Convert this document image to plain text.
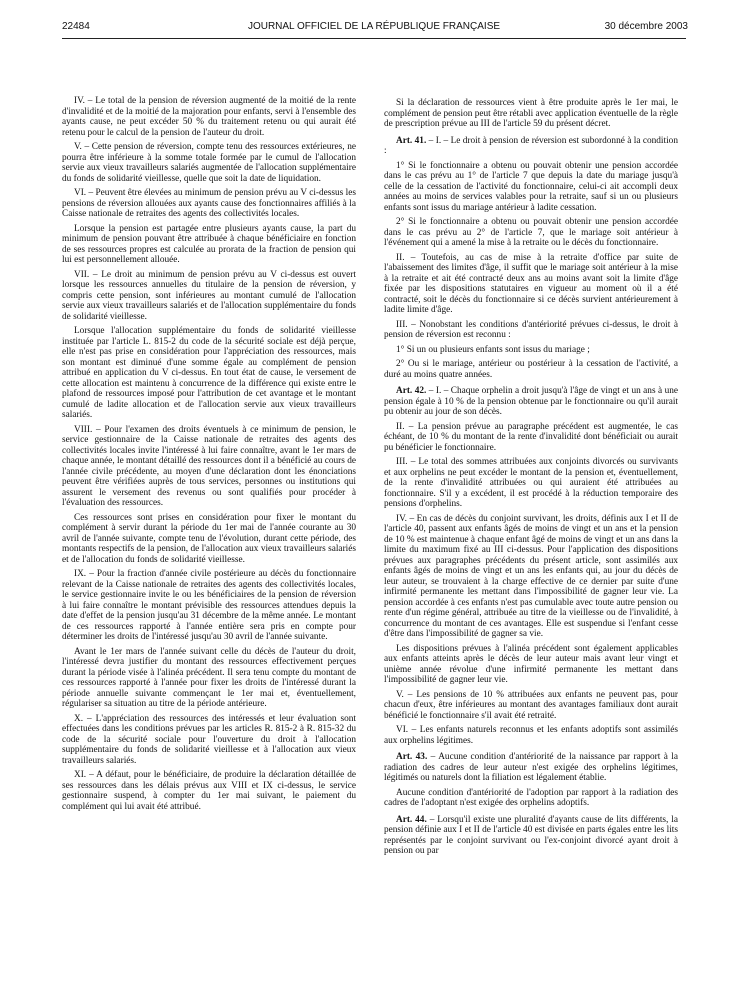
22484	JOURNAL OFFICIEL DE LA RÉPUBLIQUE FRANÇAISE	30 décembre 2003

IV. – Le total de la pension de réversion augmenté de la moitié de la rente d'invalidité et de la moitié de la majoration pour enfants, servi à l'ensemble des ayants cause, ne peut excéder 50 % du traitement retenu ou qui aurait été retenu pour le calcul de la pension de l'auteur du droit.

V. – Cette pension de réversion, compte tenu des ressources extérieures, ne pourra être inférieure à la somme totale formée par le cumul de l'allocation servie aux vieux travailleurs salariés augmentée de l'allocation supplémentaire du fonds de solidarité vieillesse, quelle que soit la date de liquidation.

VI. – Peuvent être élevées au minimum de pension prévu au V ci-dessus les pensions de réversion allouées aux ayants cause des fonctionnaires affiliés à la Caisse nationale de retraites des agents des collectivités locales.

Lorsque la pension est partagée entre plusieurs ayants cause, la part du minimum de pension pouvant être attribuée à chaque bénéficiaire en fonction de ses ressources propres est calculée au prorata de la fraction de pension qui lui est personnellement allouée.

VII. – Le droit au minimum de pension prévu au V ci-dessus est ouvert lorsque les ressources annuelles du titulaire de la pension de réversion, y compris cette pension, sont inférieures au montant cumulé de l'allocation servie aux vieux travailleurs salariés et de l'allocation supplémentaire du fonds de solidarité vieillesse.

Lorsque l'allocation supplémentaire du fonds de solidarité vieillesse instituée par l'article L. 815-2 du code de la sécurité sociale est déjà perçue, elle n'est pas prise en considération pour l'appréciation des ressources, mais son montant est diminué d'une somme égale au complément de pension attribué en application du V ci-dessus. En tout état de cause, le versement de cette allocation est maintenu à concurrence de la différence qui existe entre le plafond de ressources imposé pour l'attribution de cet avantage et le montant cumulé de ladite allocation et de l'allocation servie aux vieux travailleurs salariés.

VIII. – Pour l'examen des droits éventuels à ce minimum de pension, le service gestionnaire de la Caisse nationale de retraites des agents des collectivités locales invite l'intéressé à lui faire connaître, avant le 1er mars de chaque année, le montant détaillé des ressources dont il a bénéficié au cours de l'année civile précédente, au moyen d'une déclaration dont les énonciations peuvent être vérifiées auprès de tous services, personnes ou institutions qui assurent le versement des revenus ou sont qualifiés pour procéder à l'évaluation des ressources.

Ces ressources sont prises en considération pour fixer le montant du complément à servir durant la période du 1er mai de l'année courante au 30 avril de l'année suivante, compte tenu de l'évolution, durant cette période, des montants respectifs de la pension, de l'allocation aux vieux travailleurs salariés et de l'allocation du fonds de solidarité vieillesse.

IX. – Pour la fraction d'année civile postérieure au décès du fonctionnaire relevant de la Caisse nationale de retraites des agents des collectivités locales, le service gestionnaire invite le ou les bénéficiaires de la pension de réversion à lui faire connaître le montant prévisible des ressources attendues depuis la date d'effet de la pension jusqu'au 31 décembre de la même année. Le montant de ces ressources rapporté à l'année entière sera pris en compte pour déterminer les droits de l'intéressé jusqu'au 30 avril de l'année suivante.

Avant le 1er mars de l'année suivant celle du décès de l'auteur du droit, l'intéressé devra justifier du montant des ressources effectivement perçues durant la période visée à l'alinéa précédent. Il sera tenu compte du montant de ces ressources rapporté à l'année pour fixer les droits de l'intéressé durant la période annuelle suivante commençant le 1er mai et, éventuellement, régulariser sa situation au titre de la période antérieure.

X. – L'appréciation des ressources des intéressés et leur évaluation sont effectuées dans les conditions prévues par les articles R. 815-2 à R. 815-32 du code de la sécurité sociale pour l'ouverture du droit à l'allocation supplémentaire du fonds de solidarité vieillesse et à l'allocation aux vieux travailleurs salariés.

XI. – A défaut, pour le bénéficiaire, de produire la déclaration détaillée de ses ressources dans les délais prévus aux VIII et IX ci-dessus, le service gestionnaire suspend, à compter du 1er mai suivant, le paiement du complément qui lui avait été attribué.

Si la déclaration de ressources vient à être produite après le 1er mai, le complément de pension peut être rétabli avec application éventuelle de la règle de prescription prévue au III de l'article 59 du présent décret.

Art. 41. – I. – Le droit à pension de réversion est subordonné à la condition :

1° Si le fonctionnaire a obtenu ou pouvait obtenir une pension accordée dans le cas prévu au 1° de l'article 7 que depuis la date du mariage jusqu'à celle de la cessation de l'activité du fonctionnaire, celui-ci ait accompli deux années au moins de services valables pour la retraite, sauf si un ou plusieurs enfants sont issus du mariage antérieur à ladite cessation.

2° Si le fonctionnaire a obtenu ou pouvait obtenir une pension accordée dans le cas prévu au 2° de l'article 7, que le mariage soit antérieur à l'événement qui a amené la mise à la retraite ou le décès du fonctionnaire.

II. – Toutefois, au cas de mise à la retraite d'office par suite de l'abaissement des limites d'âge, il suffit que le mariage soit antérieur à la mise à la retraite et ait été contracté deux ans au moins avant soit la limite d'âge fixée par les dispositions statutaires en vigueur au moment où il a été contracté, soit le décès du fonctionnaire si ce décès survient antérieurement à ladite limite d'âge.

III. – Nonobstant les conditions d'antériorité prévues ci-dessus, le droit à pension de réversion est reconnu :

1° Si un ou plusieurs enfants sont issus du mariage ;

2° Ou si le mariage, antérieur ou postérieur à la cessation de l'activité, a duré au moins quatre années.

Art. 42. – I. – Chaque orphelin a droit jusqu'à l'âge de vingt et un ans à une pension égale à 10 % de la pension obtenue par le fonctionnaire ou qu'il aurait pu obtenir au jour de son décès.

II. – La pension prévue au paragraphe précédent est augmentée, le cas échéant, de 10 % du montant de la rente d'invalidité dont bénéficiait ou aurait pu bénéficier le fonctionnaire.

III. – Le total des sommes attribuées aux conjoints divorcés ou survivants et aux orphelins ne peut excéder le montant de la pension et, éventuellement, de la rente d'invalidité attribuées ou qui auraient été attribuées au fonctionnaire. S'il y a excédent, il est procédé à la réduction temporaire des pensions d'orphelins.

IV. – En cas de décès du conjoint survivant, les droits, définis aux I et II de l'article 40, passent aux enfants âgés de moins de vingt et un ans et la pension de 10 % est maintenue à chaque enfant âgé de moins de vingt et un ans dans la limite du maximum fixé au III ci-dessus. Pour l'application des dispositions prévues aux paragraphes précédents du présent article, sont assimilés aux enfants âgés de moins de vingt et un ans les enfants qui, au jour du décès de leur auteur, se trouvaient à la charge effective de ce dernier par suite d'une infirmité permanente les mettant dans l'impossibilité de gagner leur vie. La pension accordée à ces enfants n'est pas cumulable avec toute autre pension ou rente d'un régime général, attribuée au titre de la vieillesse ou de l'invalidité, à concurrence du montant de ces avantages. Elle est suspendue si l'enfant cesse d'être dans l'impossibilité de gagner sa vie.

Les dispositions prévues à l'alinéa précédent sont également applicables aux enfants atteints après le décès de leur auteur mais avant leur vingt et unième année révolue d'une infirmité permanente les mettant dans l'impossibilité de gagner leur vie.

V. – Les pensions de 10 % attribuées aux enfants ne peuvent pas, pour chacun d'eux, être inférieures au montant des avantages familiaux dont aurait bénéficié le fonctionnaire s'il avait été retraité.

VI. – Les enfants naturels reconnus et les enfants adoptifs sont assimilés aux orphelins légitimes.

Art. 43. – Aucune condition d'antériorité de la naissance par rapport à la radiation des cadres de leur auteur n'est exigée des orphelins légitimes, légitimés ou naturels dont la filiation est légalement établie.

Aucune condition d'antériorité de l'adoption par rapport à la radiation des cadres de l'adoptant n'est exigée des orphelins adoptifs.

Art. 44. – Lorsqu'il existe une pluralité d'ayants cause de lits différents, la pension définie aux I et II de l'article 40 est divisée en parts égales entre les lits représentés par le conjoint survivant ou l'ex-conjoint divorcé ayant droit à pension ou par
